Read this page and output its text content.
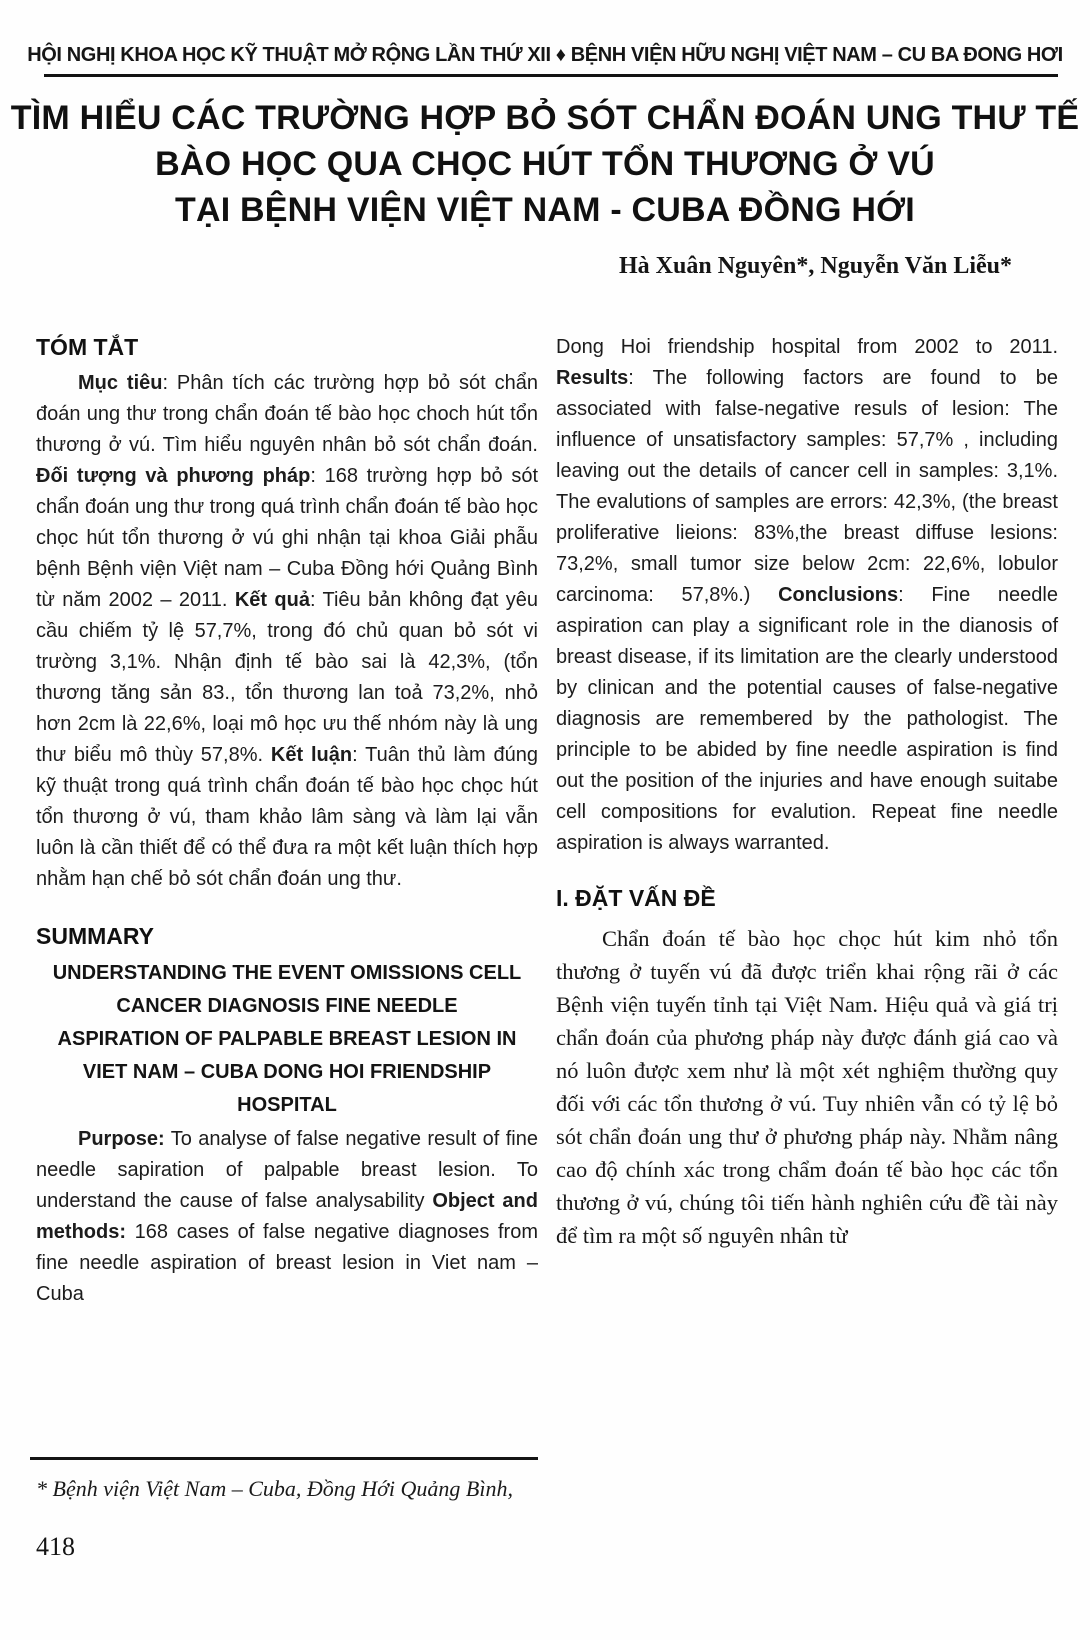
HỘI NGHỊ KHOA HỌC KỸ THUẬT MỞ RỘNG LẦN THỨ XII ♦ BỆNH VIỆN HỮU NGHỊ VIỆT NAM – CU BA ĐONG HƠI
TÌM HIỂU CÁC TRƯỜNG HỢP BỎ SÓT CHẨN ĐOÁN UNG THƯ TẾ
BÀO HỌC QUA CHỌC HÚT TỔN THƯƠNG Ở VÚ
TẠI BỆNH VIỆN VIỆT NAM - CUBA ĐỒNG HỚI
Hà Xuân Nguyên*, Nguyễn Văn Liễu*
TÓM TẮT

Mục tiêu: Phân tích các trường hợp bỏ sót chẩn đoán ung thư trong chẩn đoán tế bào học choch hút tổn thương ở vú. Tìm hiểu nguyên nhân bỏ sót chẩn đoán. Đối tượng và phương pháp: 168 trường hợp bỏ sót chẩn đoán ung thư trong quá trình chẩn đoán tế bào học chọc hút tổn thương ở vú ghi nhận tại khoa Giải phẫu bệnh Bệnh viện Việt nam – Cuba Đồng hới Quảng Bình từ năm 2002 – 2011. Kết quả: Tiêu bản không đạt yêu cầu chiếm tỷ lệ 57,7%, trong đó chủ quan bỏ sót vi trường 3,1%. Nhận định tế bào sai là 42,3%, (tổn thương tăng sản 83., tổn thương lan toả 73,2%, nhỏ hơn 2cm là 22,6%, loại mô học ưu thế nhóm này là ung thư biểu mô thùy 57,8%. Kết luận: Tuân thủ làm đúng kỹ thuật trong quá trình chẩn đoán tế bào học chọc hút tổn thương ở vú, tham khảo lâm sàng và làm lại vẫn luôn là cần thiết để có thể đưa ra một kết luận thích hợp nhằm hạn chế bỏ sót chẩn đoán ung thư.

SUMMARY
UNDERSTANDING THE EVENT OMISSIONS CELL
CANCER DIAGNOSIS FINE NEEDLE
ASPIRATION OF PALPABLE BREAST LESION IN
VIET NAM – CUBA DONG HOI FRIENDSHIP
HOSPITAL

Purpose: To analyse of false negative result of fine needle sapiration of palpable breast lesion. To understand the cause of false analysability Object and methods: 168 cases of false negative diagnoses from fine needle aspiration of breast lesion in Viet nam – Cuba

Dong Hoi friendship hospital from 2002 to 2011. Results: The following factors are found to be associated with false-negative resuls of lesion: The influence of unsatisfactory samples: 57,7% , including leaving out the details of cancer cell in samples: 3,1%. The evalutions of samples are errors: 42,3%, (the breast proliferative lieions: 83%,the breast diffuse lesions: 73,2%, small tumor size below 2cm: 22,6%, lobulor carcinoma: 57,8%.) Conclusions: Fine needle aspiration can play a significant role in the dianosis of breast disease, if its limitation are the clearly understood by clinican and the potential causes of false-negative diagnosis are remembered by the pathologist. The principle to be abided by fine needle aspiration is find out the position of the injuries and have enough suitabe cell compositions for evalution. Repeat fine needle aspiration is always warranted.

I. ĐẶT VẤN ĐỀ

Chẩn đoán tế bào học chọc hút kim nhỏ tổn thương ở tuyến vú đã được triển khai rộng rãi ở các Bệnh viện tuyến tỉnh tại Việt Nam. Hiệu quả và giá trị chẩn đoán của phương pháp này được đánh giá cao và nó luôn được xem như là một xét nghiệm thường quy đối với các tổn thương ở vú. Tuy nhiên vẫn có tỷ lệ bỏ sót chẩn đoán ung thư ở phương pháp này. Nhằm nâng cao độ chính xác trong chẩm đoán tế bào học các tổn thương ở vú, chúng tôi tiến hành nghiên cứu đề tài này để tìm ra một số nguyên nhân từ

* Bệnh viện Việt Nam – Cuba, Đồng Hới Quảng Bình,
418
